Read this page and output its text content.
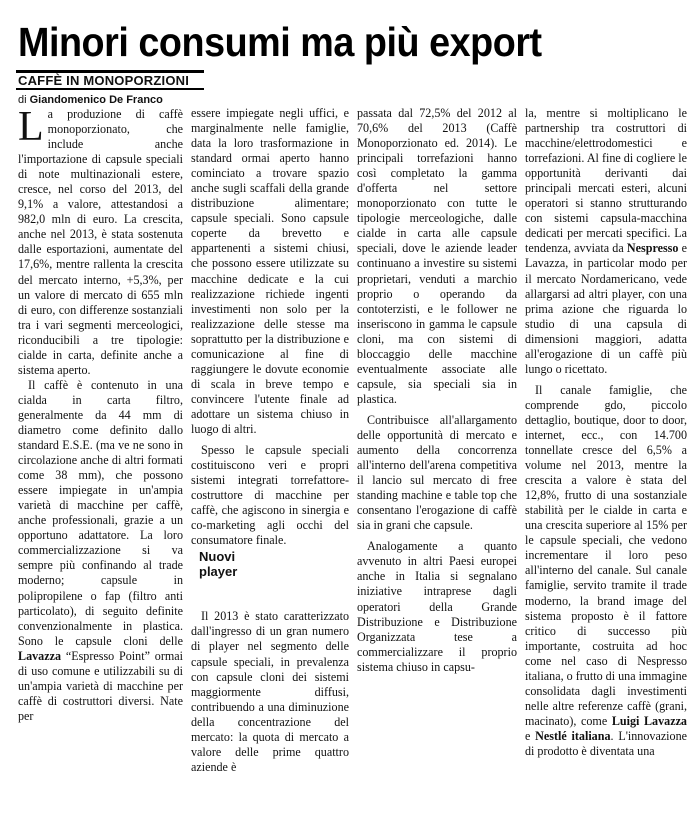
Minori consumi ma più export
CAFFÈ IN MONOPORZIONI
di Giandomenico De Franco

La produzione di caffè monoporzionato, che include anche l'importazione di capsule speciali di note multinazionali estere, cresce, nel corso del 2013, del 9,1% a valore, attestandosi a 982,0 mln di euro. La crescita, anche nel 2013, è stata sostenuta dalle esportazioni, aumentate del 17,6%, mentre rallenta la crescita del mercato interno, +5,3%, per un valore di mercato di 655 mln di euro, con differenze sostanziali tra i vari segmenti merceologici, riconducibili a tre tipologie: cialde in carta, definite anche a sistema aperto.

Il caffè è contenuto in una cialda in carta filtro, generalmente da 44 mm di diametro come definito dallo standard E.S.E. (ma ve ne sono in circolazione anche di altri formati come 38 mm), che possono essere impiegate in un'ampia varietà di macchine per caffè, anche professionali, grazie a un opportuno adattatore. La loro commercializzazione si va sempre più confinando al trade moderno; capsule in polipropilene o fap (filtro anti particolato), di seguito definite convenzionalmente in plastica. Sono le capsule cloni delle Lavazza “Espresso Point” ormai di uso comune e utilizzabili su di un'ampia varietà di macchine per caffè di costruttori diversi. Nate per

essere impiegate negli uffici, e marginalmente nelle famiglie, data la loro trasformazione in standard ormai aperto hanno cominciato a trovare spazio anche sugli scaffali della grande distribuzione alimentare; capsule speciali. Sono capsule coperte da brevetto e appartenenti a sistemi chiusi, che possono essere utilizzate su macchine dedicate e la cui realizzazione richiede ingenti investimenti non solo per la realizzazione delle stesse ma soprattutto per la distribuzione e comunicazione al fine di raggiungere le dovute economie di scala in breve tempo e convincere l'utente finale ad adottare un sistema chiuso in luogo di altri.

Spesso le capsule speciali costituiscono veri e propri sistemi integrati torrefattore-costruttore di macchine per caffè, che agiscono in sinergia e co-marketing agli occhi del consumatore finale.

Nuovi
player

Il 2013 è stato caratterizzato dall'ingresso di un gran numero di player nel segmento delle capsule speciali, in prevalenza con capsule cloni dei sistemi maggiormente diffusi, contribuendo a una diminuzione della concentrazione del mercato: la quota di mercato a valore delle prime quattro aziende è

passata dal 72,5% del 2012 al 70,6% del 2013 (Caffè Monoporzionato ed. 2014). Le principali torrefazioni hanno così completato la gamma d'offerta nel settore monoporzionato con tutte le tipologie merceologiche, dalle cialde in carta alle capsule speciali, dove le aziende leader continuano a investire su sistemi proprietari, venduti a marchio proprio o operando da contoterzisti, e le follower ne inseriscono in gamma le capsule cloni, ma con sistemi di bloccaggio delle macchine eventualmente associate alle capsule, sia speciali sia in plastica.

Contribuisce all'allargamento delle opportunità di mercato e aumento della concorrenza all'interno dell'arena competitiva il lancio sul mercato di free standing machine e table top che consentano l'erogazione di caffè sia in grani che capsule.

Analogamente a quanto avvenuto in altri Paesi europei anche in Italia si segnalano iniziative intraprese dagli operatori della Grande Distribuzione e Distribuzione Organizzata tese a commercializzare il proprio sistema chiuso in capsu-

la, mentre si moltiplicano le partnership tra costruttori di macchine/elettrodomestici e torrefazioni. Al fine di cogliere le opportunità derivanti dai principali mercati esteri, alcuni operatori si stanno strutturando con sistemi capsula-macchina dedicati per mercati specifici. La tendenza, avviata da Nespresso e Lavazza, in particolar modo per il mercato Nordamericano, vede allargarsi ad altri player, con una prima azione che riguarda lo studio di una capsula di dimensioni maggiori, adatta all'erogazione di un caffè più lungo o ricettato.

Il canale famiglie, che comprende gdo, piccolo dettaglio, boutique, door to door, internet, ecc., con 14.700 tonnellate cresce del 6,5% a volume nel 2013, mentre la crescita a valore è stata del 12,8%, frutto di una sostanziale stabilità per le cialde in carta e una crescita superiore al 15% per le capsule speciali, che vedono incrementare il loro peso all'interno del canale. Sul canale famiglie, servito tramite il trade moderno, la brand image del sistema proposto è il fattore critico di successo più importante, costruita ad hoc come nel caso di Nespresso italiana, o frutto di una immagine consolidata dagli investimenti nelle altre referenze caffè (grani, macinato), come Luigi Lavazza e Nestlé italiana. L'innovazione di prodotto è diventata una
